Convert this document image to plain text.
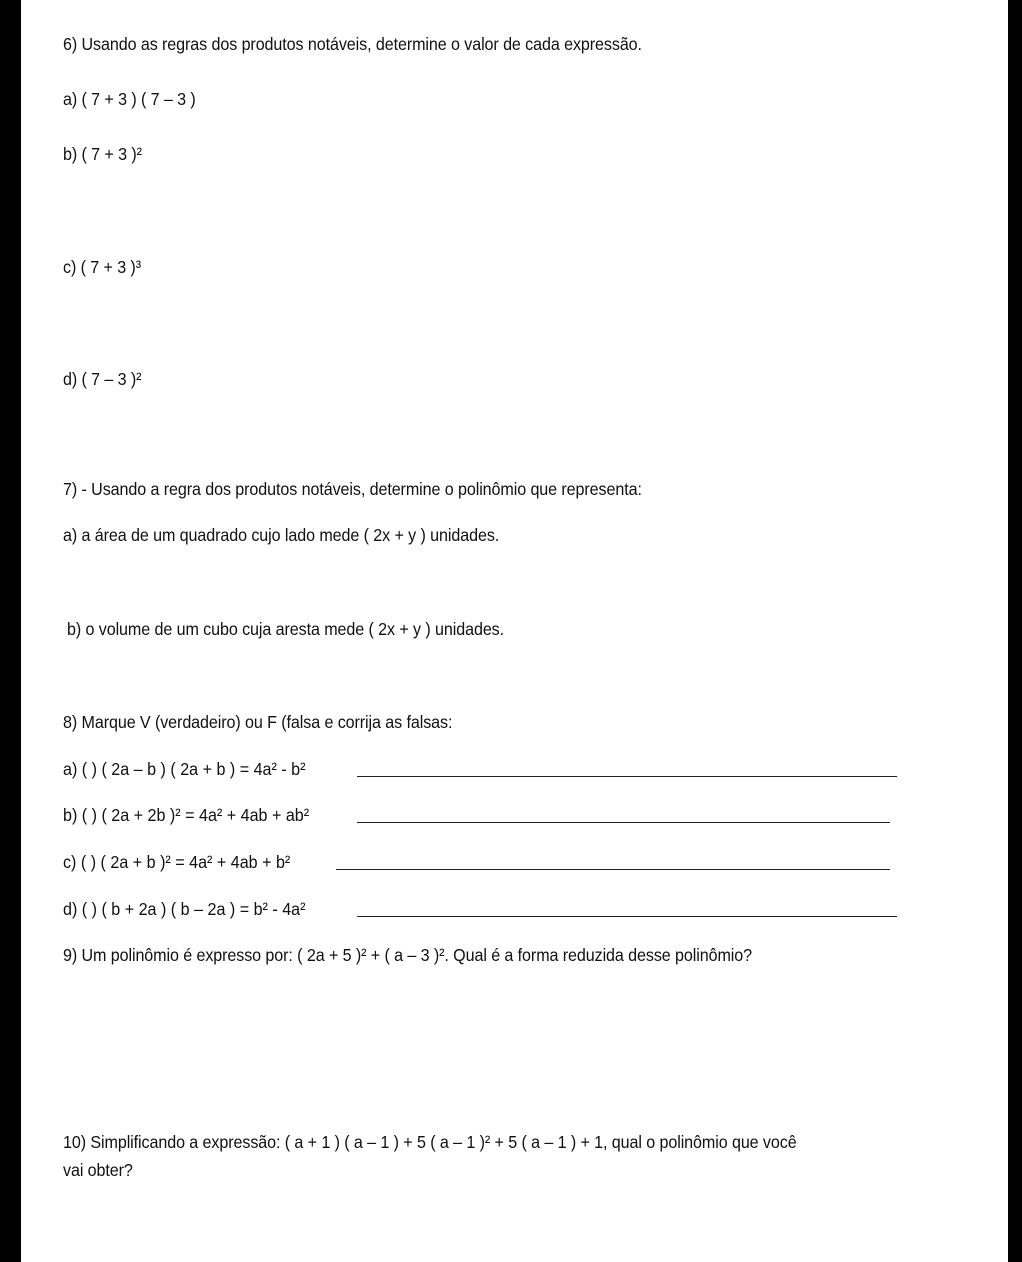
6) Usando as regras dos produtos notáveis, determine o valor de cada expressão.
a) ( 7 + 3 ) ( 7 – 3 )
b) ( 7 + 3 )²
c) ( 7 + 3 )³
d) ( 7 – 3 )²
7) - Usando a regra dos produtos notáveis, determine o polinômio que representa:
a) a área de um quadrado cujo lado mede ( 2x + y ) unidades.
b) o volume de um cubo cuja aresta mede ( 2x + y ) unidades.
8) Marque V (verdadeiro) ou F (falsa e corrija as falsas:
a) ( ) ( 2a – b ) ( 2a + b ) = 4a² - b²
b) ( ) ( 2a + 2b )² = 4a² + 4ab + ab²
c) ( ) ( 2a + b )² = 4a² + 4ab + b²
d) ( ) ( b + 2a ) ( b – 2a ) = b² - 4a²
9) Um polinômio é expresso por: ( 2a + 5 )² + ( a – 3 )². Qual é a forma reduzida desse polinômio?
10) Simplificando a expressão: ( a + 1 ) ( a – 1 ) + 5 ( a – 1 )² + 5 ( a – 1 ) + 1, qual o polinômio que você
vai obter?
